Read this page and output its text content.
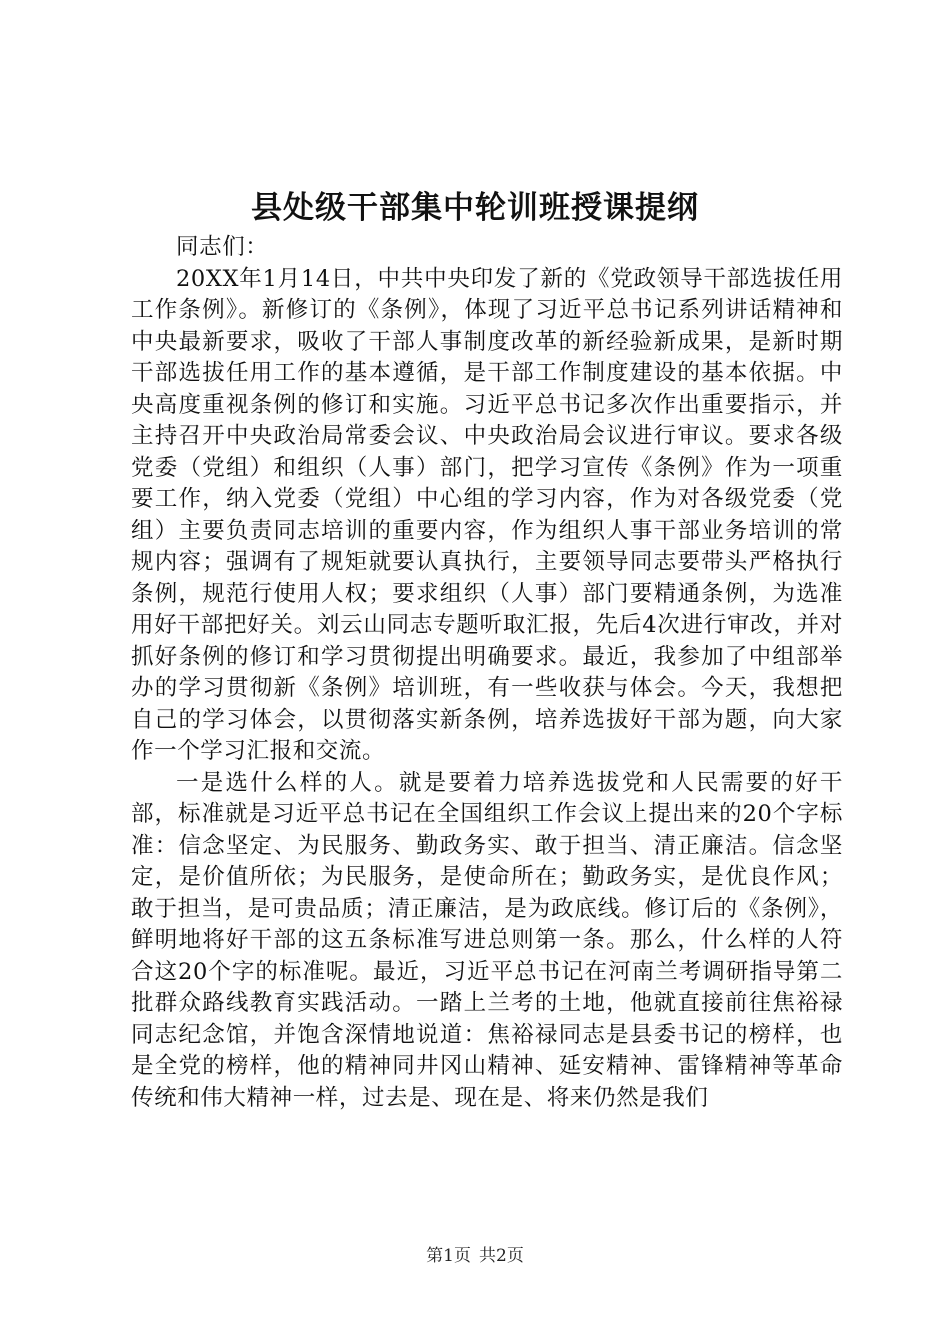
县处级干部集中轮训班授课提纲

同志们：

20XX年1月14日，中共中央印发了新的《党政领导干部选拔任用工作条例》。新修订的《条例》，体现了习近平总书记系列讲话精神和中央最新要求，吸收了干部人事制度改革的新经验新成果，是新时期干部选拔任用工作的基本遵循，是干部工作制度建设的基本依据。中央高度重视条例的修订和实施。习近平总书记多次作出重要指示，并主持召开中央政治局常委会议、中央政治局会议进行审议。要求各级党委（党组）和组织（人事）部门，把学习宣传《条例》作为一项重要工作，纳入党委（党组）中心组的学习内容，作为对各级党委（党组）主要负责同志培训的重要内容，作为组织人事干部业务培训的常规内容；强调有了规矩就要认真执行，主要领导同志要带头严格执行条例，规范行使用人权；要求组织（人事）部门要精通条例，为选准用好干部把好关。刘云山同志专题听取汇报，先后4次进行审改，并对抓好条例的修订和学习贯彻提出明确要求。最近，我参加了中组部举办的学习贯彻新《条例》培训班，有一些收获与体会。今天，我想把自己的学习体会，以贯彻落实新条例，培养选拔好干部为题，向大家作一个学习汇报和交流。

一是选什么样的人。就是要着力培养选拔党和人民需要的好干部，标准就是习近平总书记在全国组织工作会议上提出来的20个字标准：信念坚定、为民服务、勤政务实、敢于担当、清正廉洁。信念坚定，是价值所依；为民服务，是使命所在；勤政务实，是优良作风；敢于担当，是可贵品质；清正廉洁，是为政底线。修订后的《条例》，鲜明地将好干部的这五条标准写进总则第一条。那么，什么样的人符合这20个字的标准呢。最近，习近平总书记在河南兰考调研指导第二批群众路线教育实践活动。一踏上兰考的土地，他就直接前往焦裕禄同志纪念馆，并饱含深情地说道：焦裕禄同志是县委书记的榜样，也是全党的榜样，他的精神同井冈山精神、延安精神、雷锋精神等革命传统和伟大精神一样，过去是、现在是、将来仍然是我们

第1页 共2页
